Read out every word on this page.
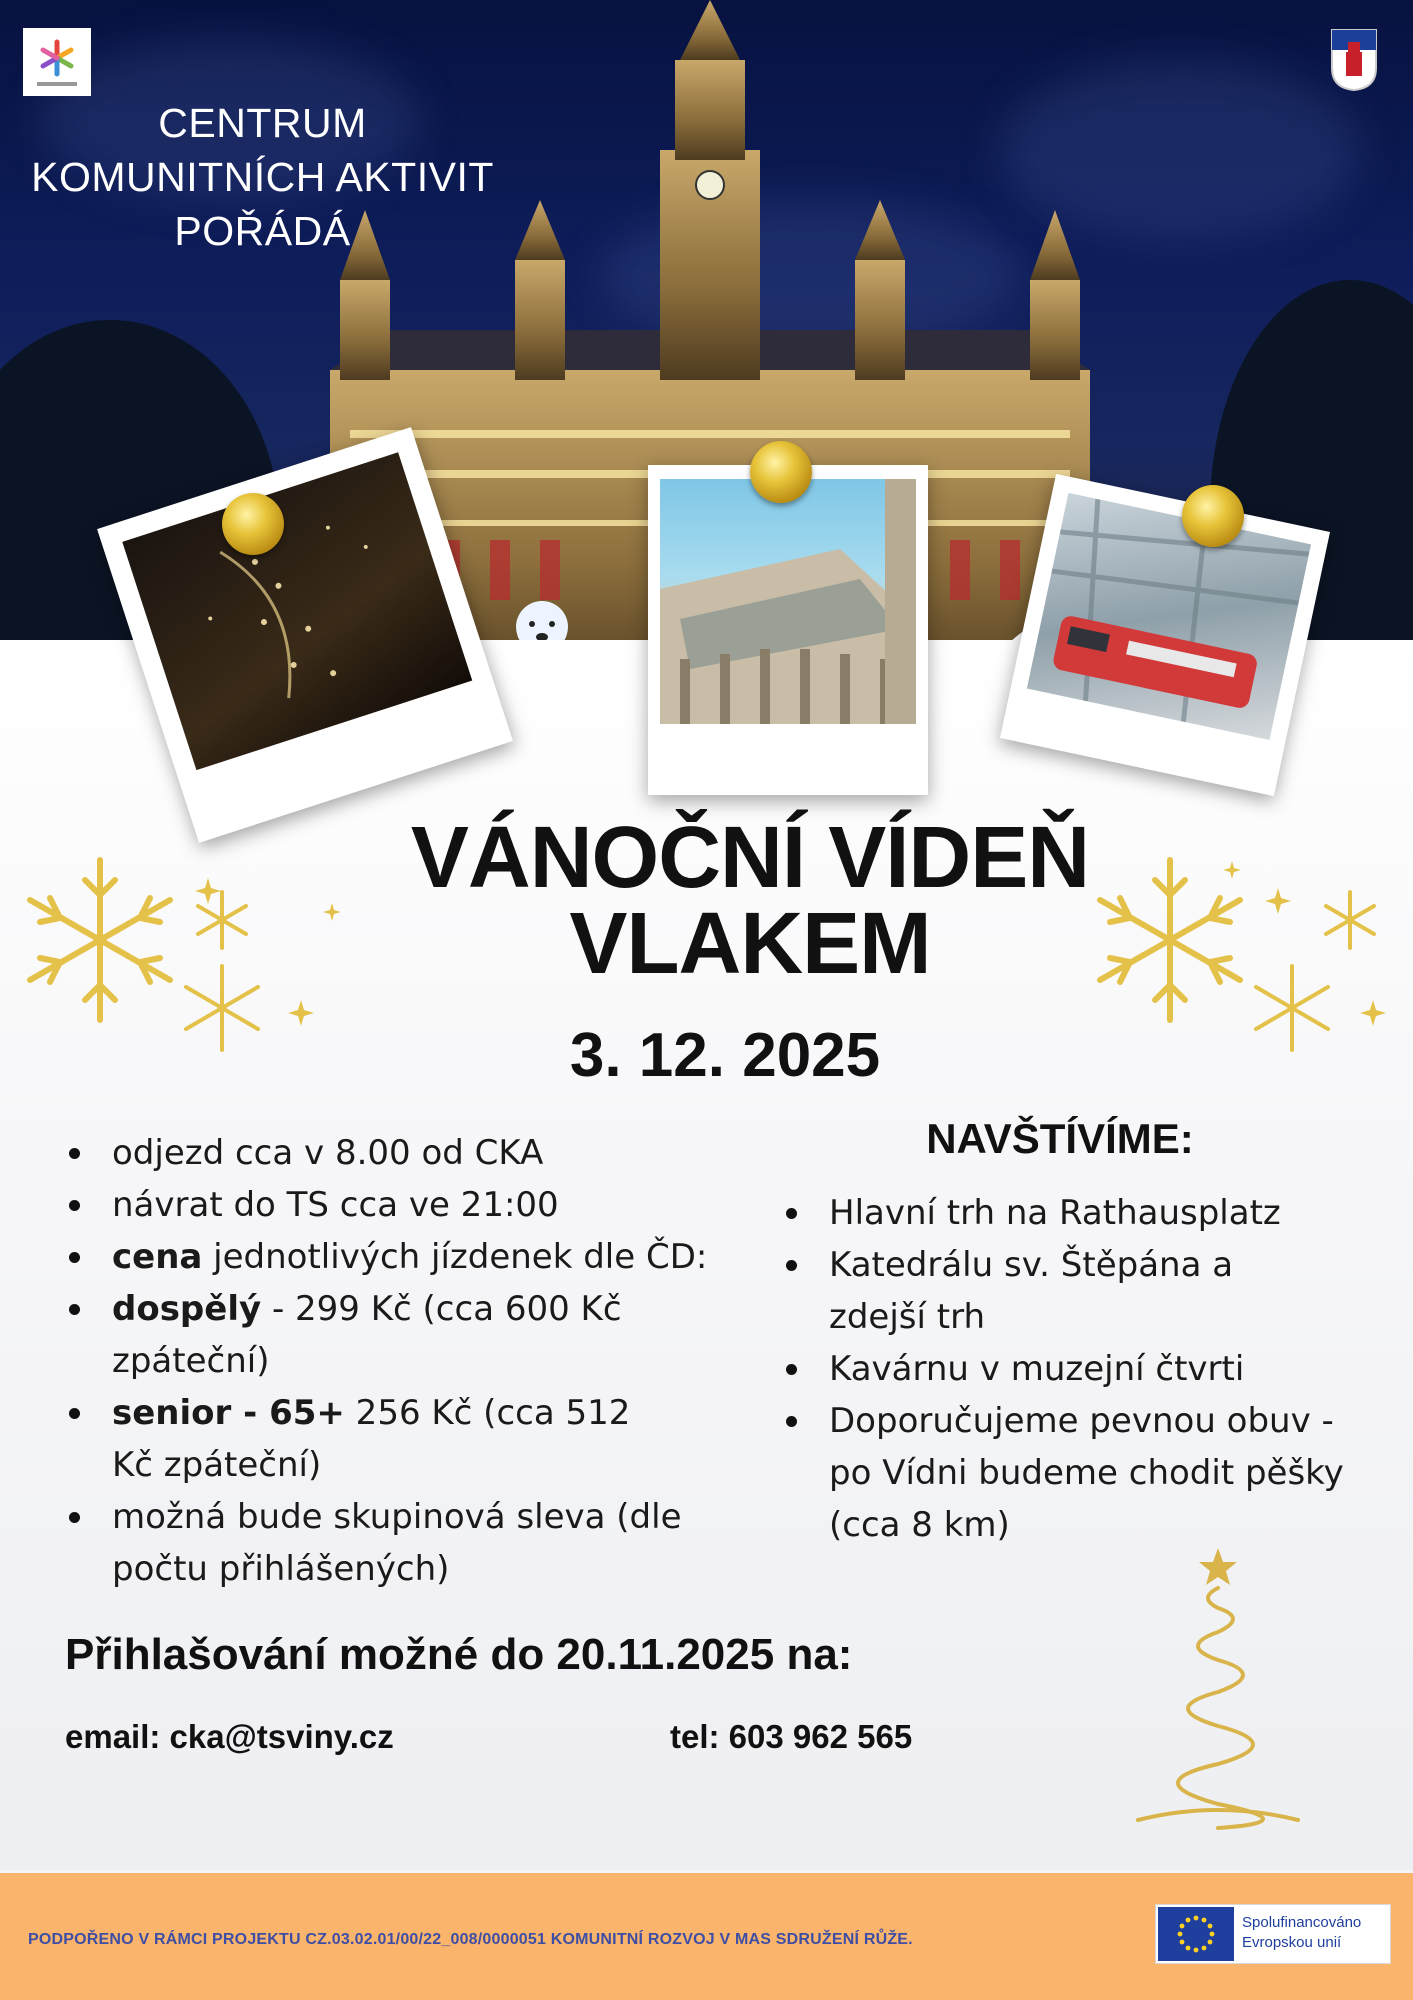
CENTRUM
KOMUNITNÍCH AKTIVIT
POŘÁDÁ
VÁNOČNÍ VÍDEŇ
VLAKEM
3. 12. 2025
odjezd cca v 8.00 od CKA
návrat do TS cca ve 21:00
cena jednotlivých jízdenek dle ČD:
dospělý - 299 Kč (cca 600 Kč zpáteční)
senior - 65+ 256 Kč (cca 512 Kč zpáteční)
možná bude skupinová sleva (dle počtu přihlášených)
NAVŠTÍVÍME:
Hlavní trh na Rathausplatz
Katedrálu sv. Štěpána a zdejší trh
Kavárnu v muzejní čtvrti
Doporučujeme pevnou obuv - po Vídni budeme chodit pěšky (cca 8 km)
Přihlašování možné do 20.11.2025 na:
email: cka@tsviny.cz	tel: 603 962 565
PODPOŘENO V RÁMCI PROJEKTU CZ.03.02.01/00/22_008/0000051 KOMUNITNÍ ROZVOJ V MAS SDRUŽENÍ RŮŽE.
Spolufinancováno
Evropskou unií
